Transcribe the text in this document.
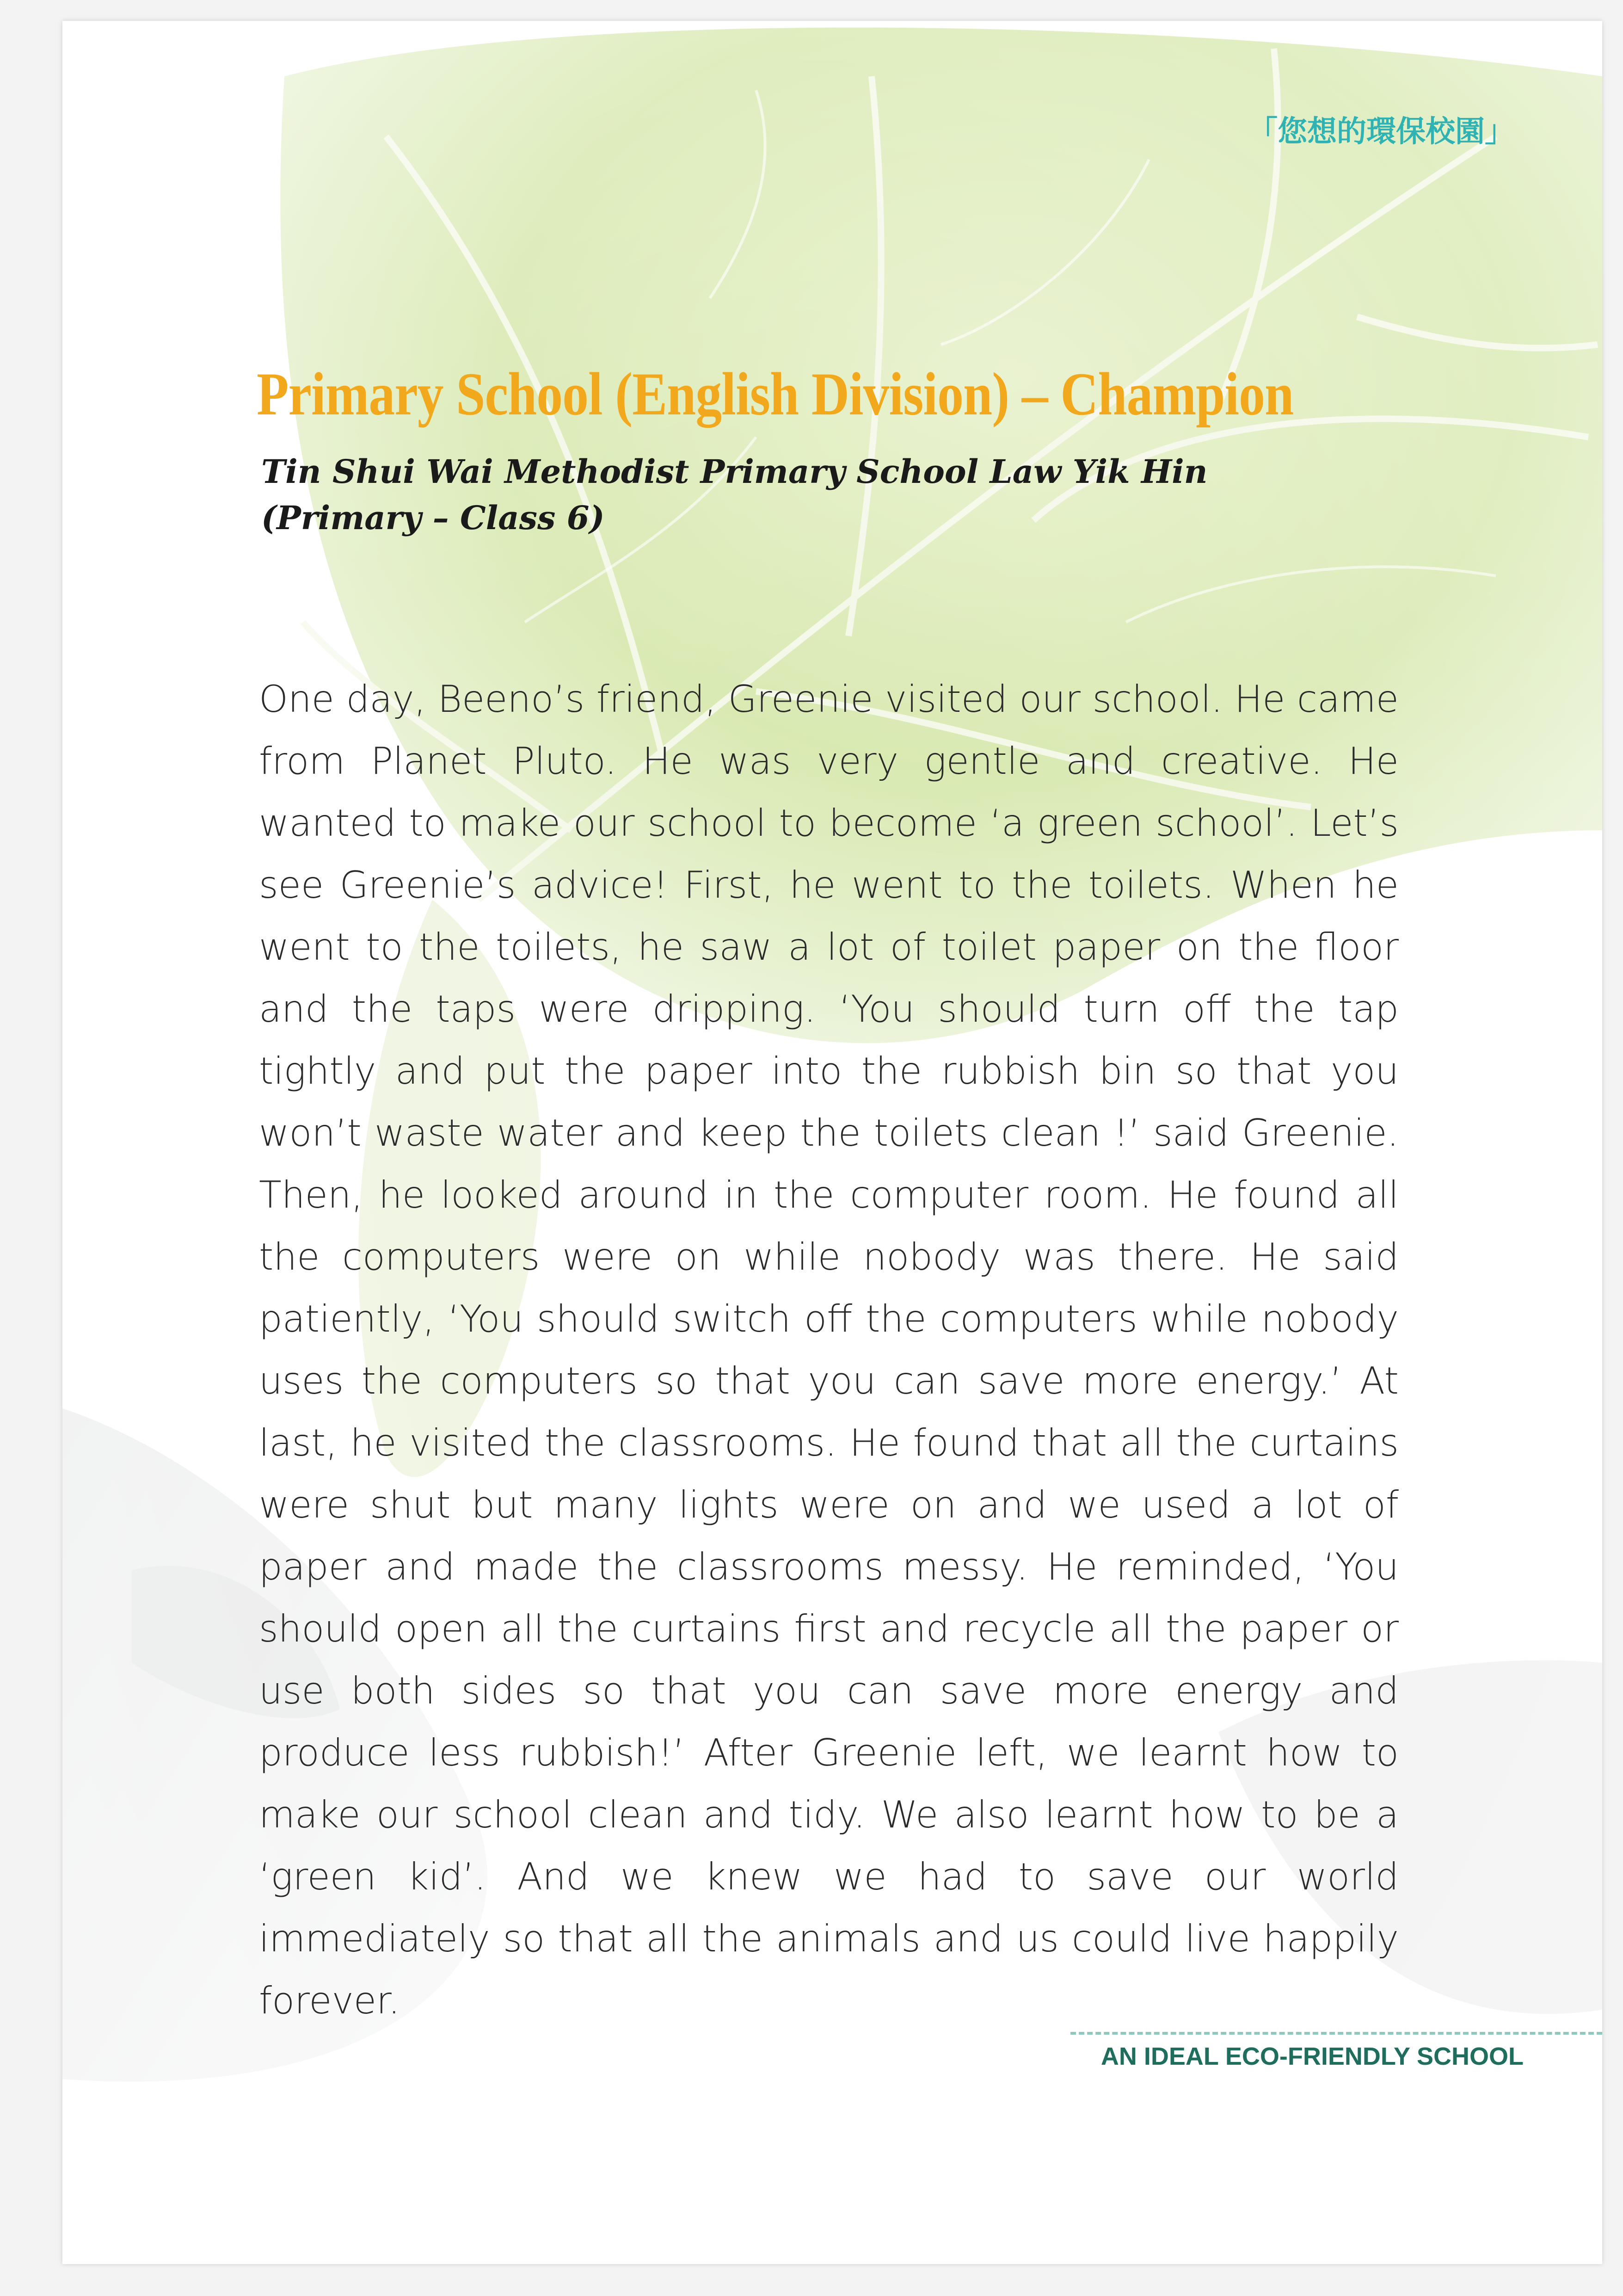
「您想的環保校園」
Primary School (English Division) – Champion
Tin Shui Wai Methodist Primary School Law Yik Hin
(Primary – Class 6)
One day, Beeno’s friend, Greenie visited our school. He came from Planet Pluto. He was very gentle and creative. He wanted to make our school to become ‘a green school’. Let’s see Greenie’s advice! First, he went to the toilets. When he went to the toilets, he saw a lot of toilet paper on the floor and the taps were dripping. ‘You should turn off the tap tightly and put the paper into the rubbish bin so that you won’t waste water and keep the toilets clean !’ said Greenie. Then, he looked around in the computer room. He found all the computers were on while nobody was there. He said patiently, ‘You should switch off the computers while nobody uses the computers so that you can save more energy.’ At last, he visited the classrooms. He found that all the curtains were shut but many lights were on and we used a lot of paper and made the classrooms messy. He reminded, ‘You should open all the curtains first and recycle all the paper or use both sides so that you can save more energy and produce less rubbish!’ After Greenie left, we learnt how to make our school clean and tidy. We also learnt how to be a ‘green kid’. And we knew we had to save our world immediately so that all the animals and us could live happily forever.
AN IDEAL ECO-FRIENDLY SCHOOL
